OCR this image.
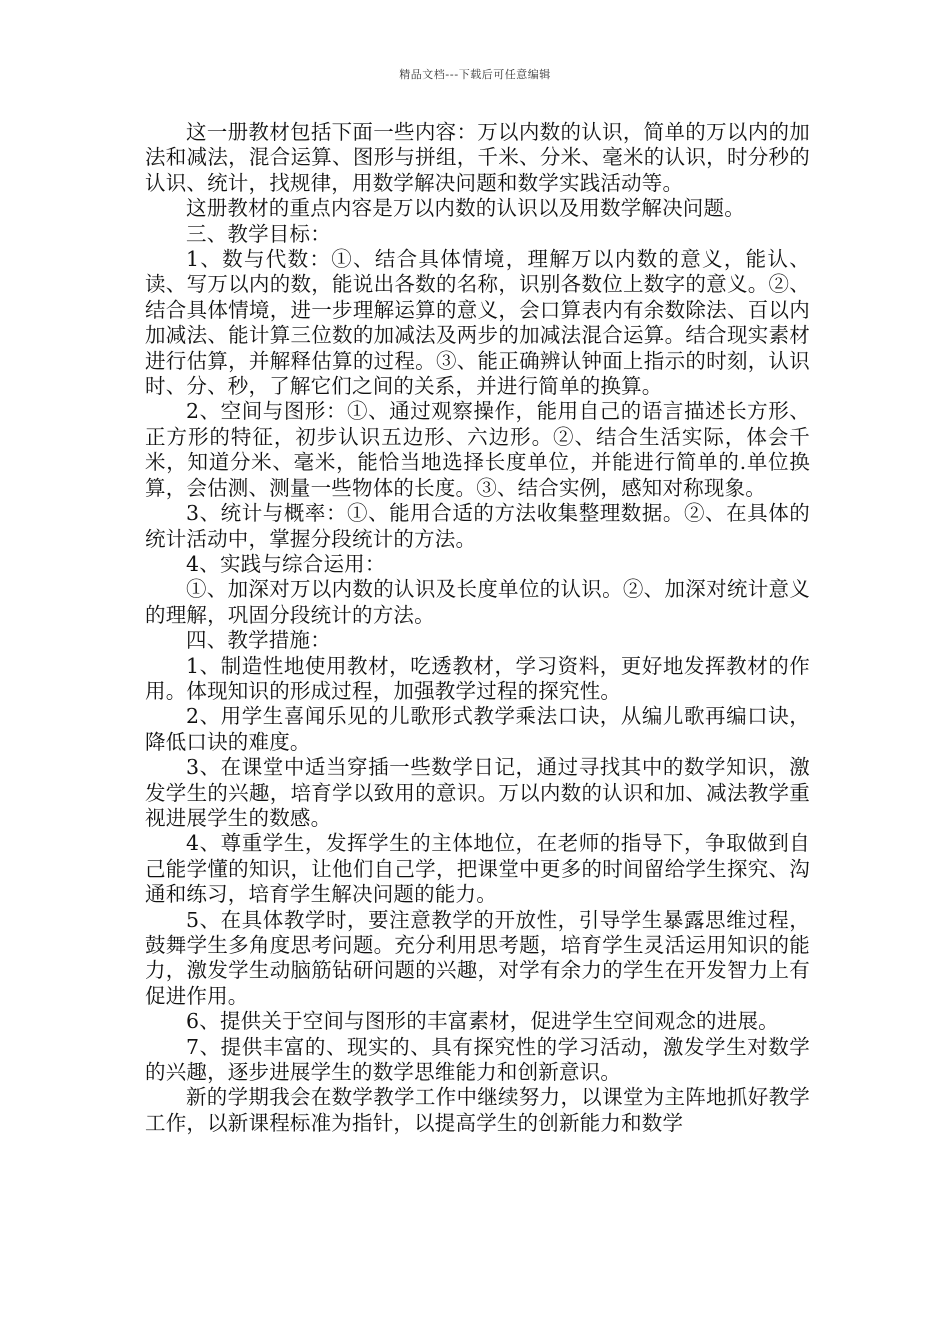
精品文档---下载后可任意编辑

这一册教材包括下面一些内容：万以内数的认识，简单的万以内的加法和减法，混合运算、图形与拼组，千米、分米、毫米的认识，时分秒的认识、统计，找规律，用数学解决问题和数学实践活动等。

这册教材的重点内容是万以内数的认识以及用数学解决问题。

三、教学目标：

1、数与代数：①、结合具体情境，理解万以内数的意义，能认、读、写万以内的数，能说出各数的名称，识别各数位上数字的意义。②、结合具体情境，进一步理解运算的意义，会口算表内有余数除法、百以内加减法、能计算三位数的加减法及两步的加减法混合运算。结合现实素材进行估算，并解释估算的过程。③、能正确辨认钟面上指示的时刻，认识时、分、秒，了解它们之间的关系，并进行简单的换算。

2、空间与图形：①、通过观察操作，能用自己的语言描述长方形、正方形的特征，初步认识五边形、六边形。②、结合生活实际，体会千米，知道分米、毫米，能恰当地选择长度单位，并能进行简单的.单位换算，会估测、测量一些物体的长度。③、结合实例，感知对称现象。

3、统计与概率：①、能用合适的方法收集整理数据。②、在具体的统计活动中，掌握分段统计的方法。

4、实践与综合运用：

①、加深对万以内数的认识及长度单位的认识。②、加深对统计意义的理解，巩固分段统计的方法。

四、教学措施：

1、制造性地使用教材，吃透教材，学习资料，更好地发挥教材的作用。体现知识的形成过程，加强教学过程的探究性。

2、用学生喜闻乐见的儿歌形式教学乘法口诀，从编儿歌再编口诀，降低口诀的难度。

3、在课堂中适当穿插一些数学日记，通过寻找其中的数学知识，激发学生的兴趣，培育学以致用的意识。万以内数的认识和加、减法教学重视进展学生的数感。

4、尊重学生，发挥学生的主体地位，在老师的指导下，争取做到自己能学懂的知识，让他们自己学，把课堂中更多的时间留给学生探究、沟通和练习，培育学生解决问题的能力。

5、在具体教学时，要注意教学的开放性，引导学生暴露思维过程，鼓舞学生多角度思考问题。充分利用思考题，培育学生灵活运用知识的能力，激发学生动脑筋钻研问题的兴趣，对学有余力的学生在开发智力上有促进作用。

6、提供关于空间与图形的丰富素材，促进学生空间观念的进展。

7、提供丰富的、现实的、具有探究性的学习活动，激发学生对数学的兴趣，逐步进展学生的数学思维能力和创新意识。

新的学期我会在数学教学工作中继续努力，以课堂为主阵地抓好教学工作，以新课程标准为指针，以提高学生的创新能力和数学
